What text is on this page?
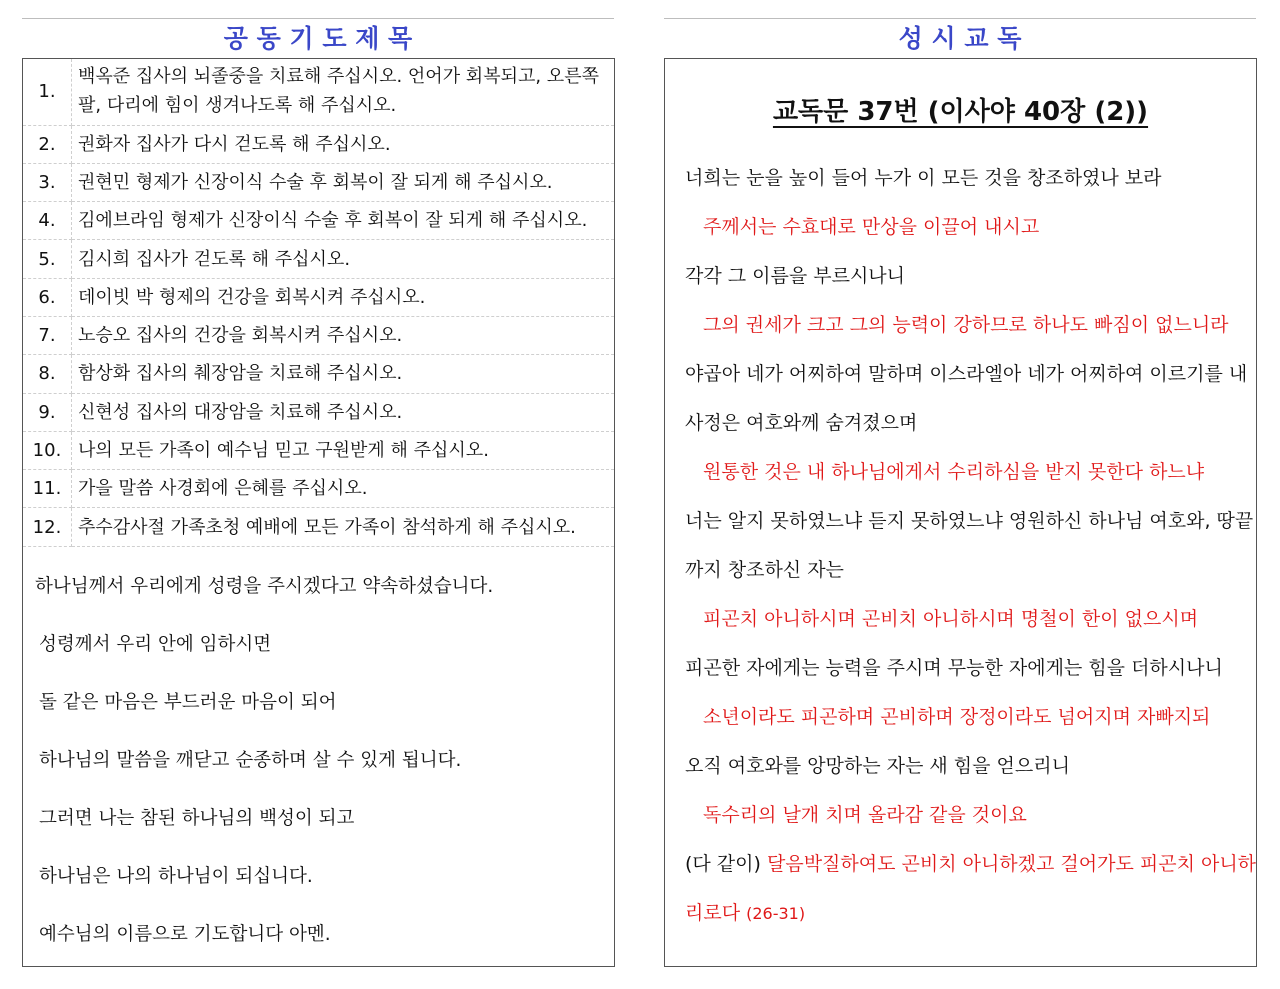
공 동 기 도 제 목
1.	백옥준 집사의 뇌졸중을 치료해 주십시오. 언어가 회복되고, 오른쪽 팔, 다리에 힘이 생겨나도록 해 주십시오.
2.	권화자 집사가 다시 걷도록 해 주십시오.
3.	권현민 형제가 신장이식 수술 후 회복이 잘 되게 해 주십시오.
4.	김에브라임 형제가 신장이식 수술 후 회복이 잘 되게 해 주십시오.
5.	김시희 집사가 걷도록 해 주십시오.
6.	데이빗 박 형제의 건강을 회복시켜 주십시오.
7.	노승오 집사의 건강을 회복시켜 주십시오.
8.	함상화 집사의 췌장암을 치료해 주십시오.
9.	신현성 집사의 대장암을 치료해 주십시오.
10.	나의 모든 가족이 예수님 믿고 구원받게 해 주십시오.
11.	가을 말씀 사경회에 은혜를 주십시오.
12.	추수감사절 가족초청 예배에 모든 가족이 참석하게 해 주십시오.
하나님께서 우리에게 성령을 주시겠다고 약속하셨습니다.
성령께서 우리 안에 임하시면
돌 같은 마음은 부드러운 마음이 되어
하나님의 말씀을 깨닫고 순종하며 살 수 있게 됩니다.
그러면 나는 참된 하나님의 백성이 되고
하나님은 나의 하나님이 되십니다.
예수님의 이름으로 기도합니다 아멘.
성 시 교 독
교독문 37번 (이사야 40장 (2))
너희는 눈을 높이 들어 누가 이 모든 것을 창조하였나 보라
주께서는 수효대로 만상을 이끌어 내시고
각각 그 이름을 부르시나니
그의 권세가 크고 그의 능력이 강하므로 하나도 빠짐이 없느니라
야곱아 네가 어찌하여 말하며 이스라엘아 네가 어찌하여 이르기를 내
사정은 여호와께 숨겨졌으며
원통한 것은 내 하나님에게서 수리하심을 받지 못한다 하느냐
너는 알지 못하였느냐 듣지 못하였느냐 영원하신 하나님 여호와, 땅끝
까지 창조하신 자는
피곤치 아니하시며 곤비치 아니하시며 명철이 한이 없으시며
피곤한 자에게는 능력을 주시며 무능한 자에게는 힘을 더하시나니
소년이라도 피곤하며 곤비하며 장정이라도 넘어지며 자빠지되
오직 여호와를 앙망하는 자는 새 힘을 얻으리니
독수리의 날개 치며 올라감 같을 것이요
(다 같이) 달음박질하여도 곤비치 아니하겠고 걸어가도 피곤치 아니하
리로다 (26-31)
